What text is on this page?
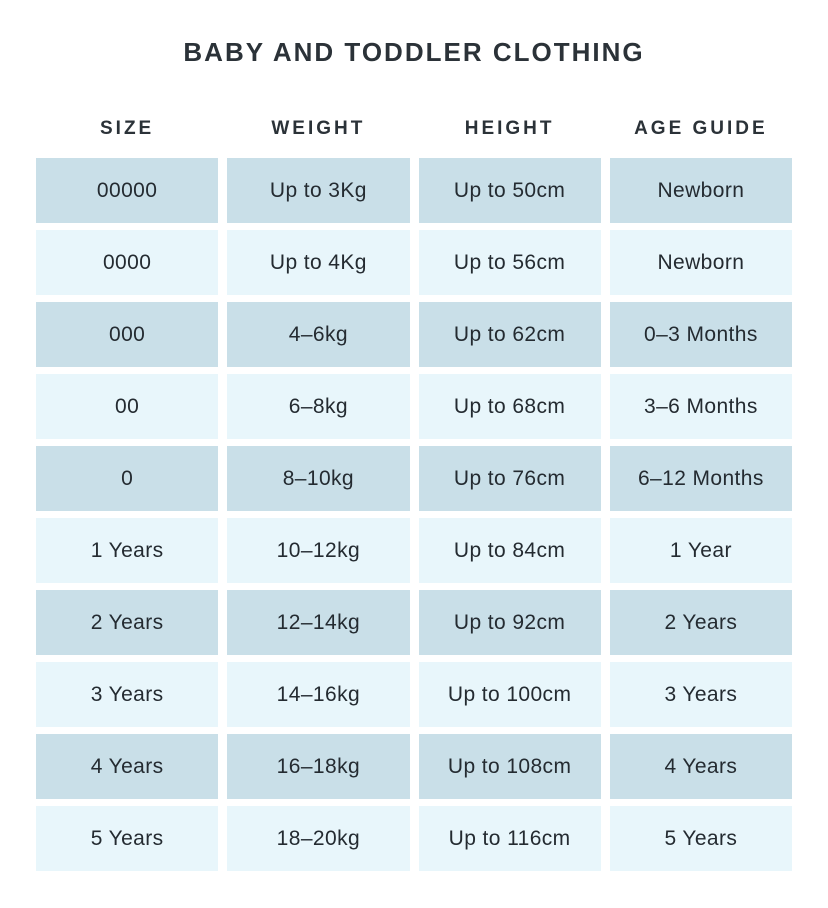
BABY AND TODDLER CLOTHING
SIZE	WEIGHT	HEIGHT	AGE GUIDE
00000	Up to 3Kg	Up to 50cm	Newborn
0000	Up to 4Kg	Up to 56cm	Newborn
000	4–6kg	Up to 62cm	0–3 Months
00	6–8kg	Up to 68cm	3–6 Months
0	8–10kg	Up to 76cm	6–12 Months
1 Years	10–12kg	Up to 84cm	1 Year
2 Years	12–14kg	Up to 92cm	2 Years
3 Years	14–16kg	Up to 100cm	3 Years
4 Years	16–18kg	Up to 108cm	4 Years
5 Years	18–20kg	Up to 116cm	5 Years
